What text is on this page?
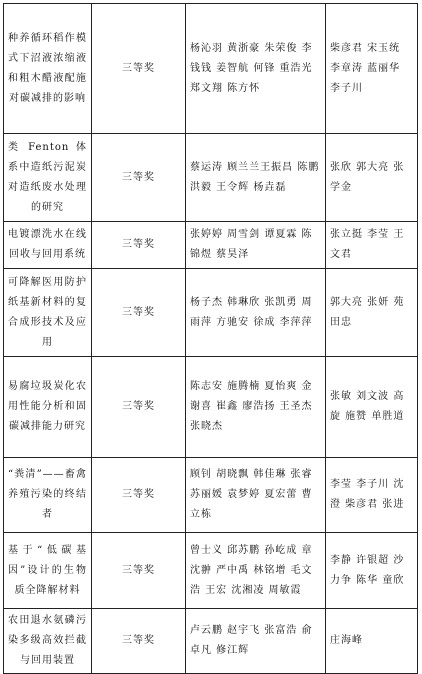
种养循环稻作模式下沼液浓缩液和粗木醋液配施对碳减排的影响	三等奖	杨沁羽 黄浙豪 朱荣俊 李钱钱 姜智航 何锋 重浩光 郑文翔 陈方怀	柴彦君 宋玉统 李章涛 蓝丽华 李子川
类 Fenton 体系中造纸污泥炭对造纸废水处理的研究	三等奖	蔡运涛 顾兰兰王振昌 陈鹏 洪毅 王令辉 杨垚磊	张欣 郭大亮 张学金
电镀漂洗水在线回收与回用系统	三等奖	张婷婷 周雪剑 谭夏霖 陈锦煜 蔡昊泽	张立挺 李莹 王文君
可降解医用防护纸基新材料的复合成形技术及应用	三等奖	杨子杰 韩琳欣 张凯勇 周雨萍 方驰安 徐成 李萍萍	郭大亮 张妍 苑田忠
易腐垃圾炭化农用性能分析和固碳减排能力研究	三等奖	陈志安 施腾楠 夏怡爽 金谢喜 崔鑫 廖浩扬 王圣杰 张晓杰	张敏 刘文波 高旋 施赞 单胜道
“粪清”——畜禽养殖污染的终结者	三等奖	顾钊 胡晓飘 韩佳琳 张睿苏丽媛 袁梦婷 夏宏蕾 曹立栋	李莹 李子川 沈澄 柴彦君 张进
基于“低碳基因”设计的生物质全降解材料	三等奖	曾士义 邱苏鹏 孙屹成 章沈翀 严中禹 林铭增 毛文浩 王宏 沈湘凌 周敏霞	李静 许银超 沙力争 陈华 童欣
农田退水氨磷污染多级高效拦截与回用装置	三等奖	卢云鹏 赵宇飞 张富浩 俞卓凡 修江辉	庄海峰
